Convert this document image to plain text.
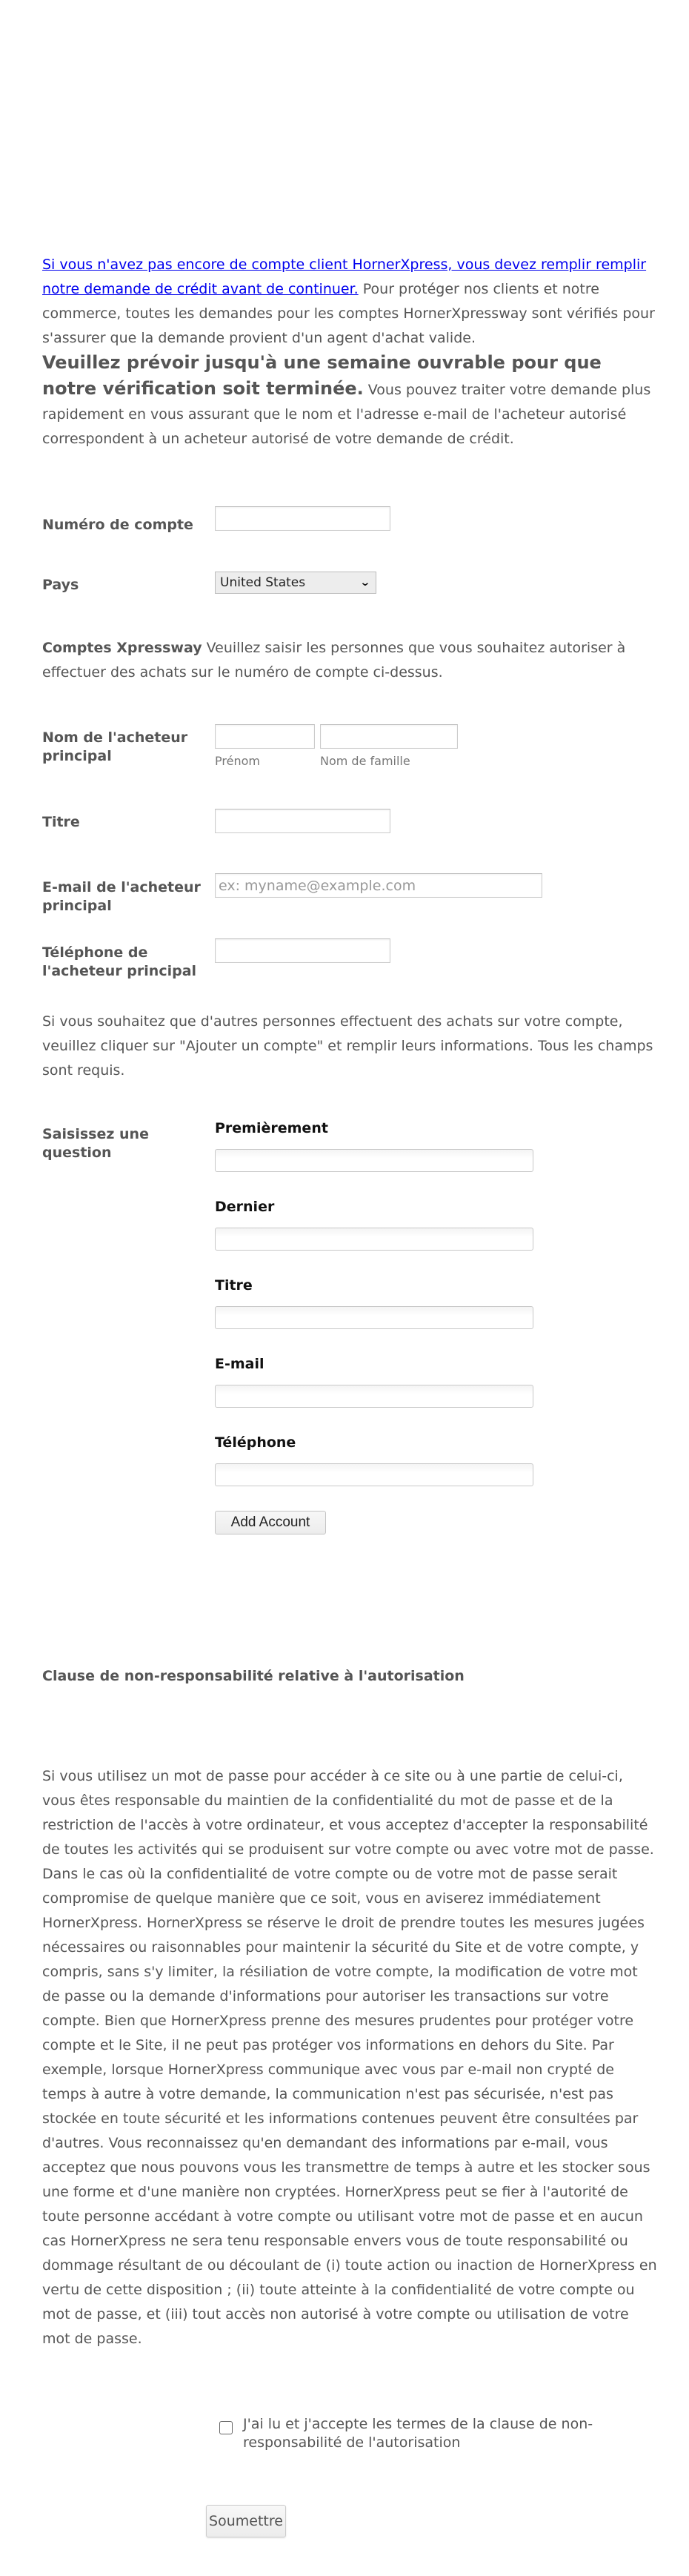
Si vous n'avez pas encore de compte client HornerXpress, vous devez remplir remplir notre demande de crédit avant de continuer. Pour protéger nos clients et notre commerce, toutes les demandes pour les comptes HornerXpressway sont vérifiés pour s'assurer que la demande provient d'un agent d'achat valide.
Veuillez prévoir jusqu'à une semaine ouvrable pour que notre vérification soit terminée. Vous pouvez traiter votre demande plus rapidement en vous assurant que le nom et l'adresse e-mail de l'acheteur autorisé correspondent à un acheteur autorisé de votre demande de crédit.
Numéro de compte
Pays	United States	⌄
Comptes Xpressway Veuillez saisir les personnes que vous souhaitez autoriser à effectuer des achats sur le numéro de compte ci-dessus.
Nom de l'acheteur principal	Prénom	Nom de famille
Titre
E-mail de l'acheteur principal
ex: myname@example.com
Téléphone de l'acheteur principal
Si vous souhaitez que d'autres personnes effectuent des achats sur votre compte, veuillez cliquer sur "Ajouter un compte" et remplir leurs informations. Tous les champs sont requis.
Saisissez une question
Premièrement
Dernier
Titre
E-mail
Téléphone
Add Account
Clause de non-responsabilité relative à l'autorisation
Si vous utilisez un mot de passe pour accéder à ce site ou à une partie de celui-ci, vous êtes responsable du maintien de la confidentialité du mot de passe et de la restriction de l'accès à votre ordinateur, et vous acceptez d'accepter la responsabilité de toutes les activités qui se produisent sur votre compte ou avec votre mot de passe. Dans le cas où la confidentialité de votre compte ou de votre mot de passe serait compromise de quelque manière que ce soit, vous en aviserez immédiatement HornerXpress. HornerXpress se réserve le droit de prendre toutes les mesures jugées nécessaires ou raisonnables pour maintenir la sécurité du Site et de votre compte, y compris, sans s'y limiter, la résiliation de votre compte, la modification de votre mot de passe ou la demande d'informations pour autoriser les transactions sur votre compte. Bien que HornerXpress prenne des mesures prudentes pour protéger votre compte et le Site, il ne peut pas protéger vos informations en dehors du Site. Par exemple, lorsque HornerXpress communique avec vous par e-mail non crypté de temps à autre à votre demande, la communication n'est pas sécurisée, n'est pas stockée en toute sécurité et les informations contenues peuvent être consultées par d'autres. Vous reconnaissez qu'en demandant des informations par e-mail, vous acceptez que nous pouvons vous les transmettre de temps à autre et les stocker sous une forme et d'une manière non cryptées. HornerXpress peut se fier à l'autorité de toute personne accédant à votre compte ou utilisant votre mot de passe et en aucun cas HornerXpress ne sera tenu responsable envers vous de toute responsabilité ou dommage résultant de ou découlant de (i) toute action ou inaction de HornerXpress en vertu de cette disposition ; (ii) toute atteinte à la confidentialité de votre compte ou mot de passe, et (iii) tout accès non autorisé à votre compte ou utilisation de votre mot de passe.
J'ai lu et j'accepte les termes de la clause de non-responsabilité de l'autorisation
Soumettre
